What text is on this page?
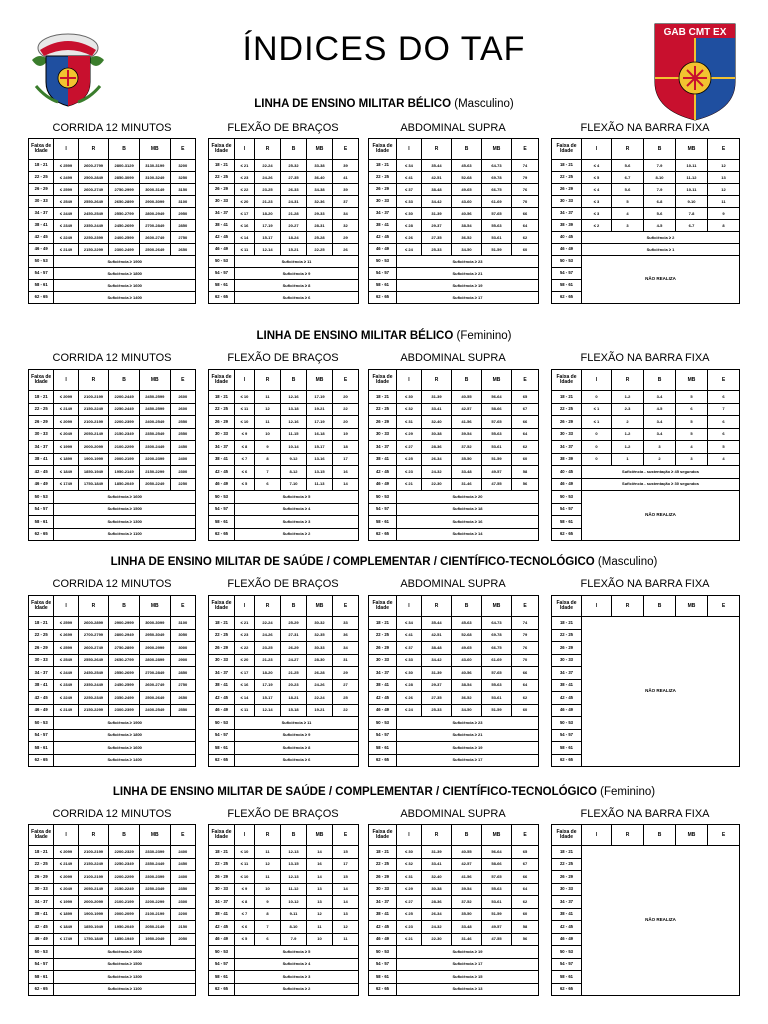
GAB CMT EX
ÍNDICES DO TAF
LINHA DE ENSINO MILITAR BÉLICO (Masculino)
CORRIDA 12 MINUTOS
Faixa de Idade	I	R	B	MB	E
18 - 21	≤ 2599	2600-2799	2800-3129	3130-3199	3200
22 - 25	≤ 2499	2500-2849	2850-3099	3100-3249	3250
26 - 29	≤ 2599	2600-2749	2750-2999	3000-3149	3150
30 - 33	≤ 2549	2550-2649	2650-2899	2900-3099	3100
34 - 37	≤ 2449	2450-2549	2550-2799	2800-2949	2950
38 - 41	≤ 2349	2350-2449	2450-2699	2700-2849	2850
42 - 45	≤ 2249	2250-2399	2400-2599	2600-2749	2750
46 - 49	≤ 2149	2150-2299	2300-2499	2500-2649	2650
50 - 53	Suficiência ≥ 1900				
54 - 57	Suficiência ≥ 1800				
58 - 61	Suficiência ≥ 1600				
62 - 65	Suficiência ≥ 1400				
FLEXÃO DE BRAÇOS
Faixa de Idade	I	R	B	MB	E
18 - 21	≤ 21	22-24	25-32	33-38	39
22 - 25	≤ 23	24-26	27-35	36-40	41
26 - 29	≤ 22	23-25	26-33	34-38	39
30 - 33	≤ 20	21-23	24-31	32-36	37
34 - 37	≤ 17	18-20	21-28	29-33	34
38 - 41	≤ 16	17-19	20-27	28-31	32
42 - 45	≤ 14	15-17	18-24	25-28	29
46 - 49	≤ 11	12-14	15-21	22-25	26
50 - 53	Suficiência ≥ 11				
54 - 57	Suficiência ≥ 9				
58 - 61	Suficiência ≥ 8				
62 - 65	Suficiência ≥ 6				
ABDOMINAL SUPRA
Faixa de Idade	I	R	B	MB	E
18 - 21	≤ 34	35-44	45-63	64-73	74
22 - 25	≤ 41	42-51	52-68	69-78	79
26 - 29	≤ 37	38-48	49-65	66-75	76
30 - 33	≤ 33	34-42	43-60	61-69	70
34 - 37	≤ 30	31-39	40-56	57-65	66
38 - 41	≤ 28	29-37	38-54	55-63	64
42 - 45	≤ 26	27-35	36-52	53-61	62
46 - 49	≤ 24	25-33	34-50	51-59	60
50 - 53	Suficiência ≥ 23				
54 - 57	Suficiência ≥ 21				
58 - 61	Suficiência ≥ 19				
62 - 65	Suficiência ≥ 17				
FLEXÃO NA BARRA FIXA
Faixa de Idade	I	R	B	MB	E
18 - 21	≤ 4	5-6	7-9	10-11	12
22 - 25	≤ 5	6-7	8-10	11-12	13
26 - 29	≤ 4	5-6	7-9	10-11	12
30 - 33	≤ 3	5	6-8	9-10	11
34 - 37	≤ 3	4	5-6	7-8	9
38 - 39	≤ 2	3	4-5	6-7	8
40 - 45	Suficiência ≥ 2				
46 - 49	Suficiência ≥ 1				
50 - 53	NÃO REALIZA				
54 - 57					
58 - 61					
62 - 65					
LINHA DE ENSINO MILITAR BÉLICO (Feminino)
CORRIDA 12 MINUTOS
Faixa de Idade	I	R	B	MB	E
18 - 21	≤ 2099	2100-2199	2200-2449	2450-2599	2600
22 - 25	≤ 2149	2150-2249	2250-2449	2450-2599	2600
26 - 29	≤ 2099	2100-2199	2200-2399	2400-2549	2550
30 - 33	≤ 2049	2050-2149	2150-2349	2350-2549	2550
34 - 37	≤ 1999	2000-2099	2100-2299	2300-2449	2450
38 - 41	≤ 1899	1900-1999	2000-2199	2200-2399	2400
42 - 45	≤ 1849	1850-1949	1950-2149	2150-2299	2300
46 - 49	≤ 1749	1750-1849	1850-2049	2050-2249	2250
50 - 53	Suficiência ≥ 1600				
54 - 57	Suficiência ≥ 1500				
58 - 61	Suficiência ≥ 1300				
62 - 65	Suficiência ≥ 1100				
FLEXÃO DE BRAÇOS
Faixa de Idade	I	R	B	MB	E
18 - 21	≤ 10	11	12-16	17-19	20
22 - 25	≤ 11	12	13-18	19-21	22
26 - 29	≤ 10	11	12-16	17-19	20
30 - 33	≤ 9	10	11-15	16-18	19
34 - 37	≤ 8	9	10-14	15-17	18
38 - 41	≤ 7	8	9-12	13-16	17
42 - 45	≤ 6	7	8-12	13-15	16
46 - 49	≤ 5	6	7-10	11-13	14
50 - 53	Suficiência ≥ 5				
54 - 57	Suficiência ≥ 4				
58 - 61	Suficiência ≥ 3				
62 - 65	Suficiência ≥ 2				
ABDOMINAL SUPRA
Faixa de Idade	I	R	B	MB	E
18 - 21	≤ 30	31-39	40-55	56-64	65
22 - 25	≤ 32	33-41	42-57	58-66	67
26 - 29	≤ 31	32-40	41-56	57-65	66
30 - 33	≤ 29	30-38	39-54	55-63	64
34 - 37	≤ 27	28-36	37-52	53-61	62
38 - 41	≤ 25	26-34	35-50	51-59	60
42 - 45	≤ 23	24-32	33-48	49-57	58
46 - 49	≤ 21	22-30	31-46	47-55	56
50 - 53	Suficiência ≥ 20				
54 - 57	Suficiência ≥ 18				
58 - 61	Suficiência ≥ 16				
62 - 65	Suficiência ≥ 14				
FLEXÃO NA BARRA FIXA
Faixa de Idade	I	R	B	MB	E
18 - 21	0	1-2	3-4	5	6
22 - 25	≤ 1	2-3	4-5	6	7
26 - 29	≤ 1	2	3-4	5	6
30 - 33	0	1-2	3-4	5	6
34 - 37	0	1-2	3	4	5
38 - 39	0	1	2	3	4
40 - 45	Suficiência - sustentação ≥ 45 segundos				
46 - 49	Suficiência - sustentação ≥ 30 segundos				
50 - 53	NÃO REALIZA				
54 - 57					
58 - 61					
62 - 65					
LINHA DE ENSINO MILITAR DE SAÚDE / COMPLEMENTAR / CIENTÍFICO-TECNOLÓGICO (Masculino)
CORRIDA 12 MINUTOS
Faixa de Idade	I	R	B	MB	E
18 - 21	≤ 2599	2600-2899	2900-2999	3000-3099	3100
22 - 25	≤ 2699	2700-2799	2800-2949	2950-3049	3050
26 - 29	≤ 2599	2600-2749	2750-2899	2900-2999	3000
30 - 33	≤ 2549	2550-2649	2650-2799	2800-2899	2900
34 - 37	≤ 2449	2450-2549	2550-2699	2700-2849	2850
38 - 41	≤ 2349	2350-2449	2450-2599	2600-2749	2750
42 - 45	≤ 2249	2250-2349	2350-2499	2500-2649	2650
46 - 49	≤ 2149	2150-2299	2300-2399	2400-2549	2550
50 - 53	Suficiência ≥ 1900				
54 - 57	Suficiência ≥ 1800				
58 - 61	Suficiência ≥ 1600				
62 - 65	Suficiência ≥ 1400				
FLEXÃO DE BRAÇOS
Faixa de Idade	I	R	B	MB	E
18 - 21	≤ 21	22-24	25-29	30-32	33
22 - 25	≤ 23	24-26	27-31	32-35	36
26 - 29	≤ 22	23-25	26-29	30-33	34
30 - 33	≤ 20	21-23	24-27	28-30	31
34 - 37	≤ 17	18-20	21-25	26-28	29
38 - 41	≤ 16	17-19	20-23	24-26	27
42 - 45	≤ 14	15-17	18-21	22-24	25
46 - 49	≤ 11	12-14	15-18	19-21	22
50 - 53	Suficiência ≥ 11				
54 - 57	Suficiência ≥ 9				
58 - 61	Suficiência ≥ 8				
62 - 65	Suficiência ≥ 6				
ABDOMINAL SUPRA
Faixa de Idade	I	R	B	MB	E
18 - 21	≤ 34	35-44	45-63	64-73	74
22 - 25	≤ 41	42-51	52-68	69-78	79
26 - 29	≤ 37	38-48	49-65	66-75	76
30 - 33	≤ 33	34-42	43-60	61-69	70
34 - 37	≤ 30	31-39	40-56	57-65	66
38 - 41	≤ 28	29-37	38-54	55-63	64
42 - 45	≤ 26	27-35	36-52	53-61	62
46 - 49	≤ 24	25-33	34-50	51-59	60
50 - 53	Suficiência ≥ 23				
54 - 57	Suficiência ≥ 21				
58 - 61	Suficiência ≥ 19				
62 - 65	Suficiência ≥ 17				
FLEXÃO NA BARRA FIXA
Faixa de Idade	I	R	B	MB	E
18 - 21	NÃO REALIZA				
22 - 25					
26 - 29					
30 - 33					
34 - 37					
38 - 41					
42 - 45					
46 - 49					
50 - 53					
54 - 57					
58 - 61					
62 - 65					
LINHA DE ENSINO MILITAR DE SAÚDE / COMPLEMENTAR / CIENTÍFICO-TECNOLÓGICO (Feminino)
CORRIDA 12 MINUTOS
Faixa de Idade	I	R	B	MB	E
18 - 21	≤ 2099	2100-2199	2200-2329	2330-2399	2400
22 - 25	≤ 2149	2150-2249	2250-2349	2350-2449	2450
26 - 29	≤ 2099	2100-2199	2200-2299	2300-2399	2400
30 - 33	≤ 2049	2050-2149	2150-2249	2250-2349	2350
34 - 37	≤ 1999	2000-2099	2100-2199	2200-2299	2300
38 - 41	≤ 1899	1900-1999	2000-2099	2100-2199	2200
42 - 45	≤ 1849	1850-1949	1950-2049	2050-2149	2150
46 - 49	≤ 1749	1750-1849	1850-1949	1950-2049	2050
50 - 53	Suficiência ≥ 1600				
54 - 57	Suficiência ≥ 1500				
58 - 61	Suficiência ≥ 1300				
62 - 65	Suficiência ≥ 1100				
FLEXÃO DE BRAÇOS
Faixa de Idade	I	R	B	MB	E
18 - 21	≤ 10	11	12-13	14	15
22 - 25	≤ 11	12	13-15	16	17
26 - 29	≤ 10	11	12-13	14	15
30 - 33	≤ 9	10	11-12	13	14
34 - 37	≤ 8	9	10-12	13	14
38 - 41	≤ 7	8	9-11	12	13
42 - 45	≤ 6	7	8-10	11	12
46 - 49	≤ 5	6	7-9	10	11
50 - 53	Suficiência ≥ 5				
54 - 57	Suficiência ≥ 4				
58 - 61	Suficiência ≥ 3				
62 - 65	Suficiência ≥ 2				
ABDOMINAL SUPRA
Faixa de Idade	I	R	B	MB	E
18 - 21	≤ 30	31-39	40-55	56-64	65
22 - 25	≤ 32	33-41	42-57	58-66	67
26 - 29	≤ 31	32-40	41-56	57-65	66
30 - 33	≤ 29	30-38	39-54	55-63	64
34 - 37	≤ 27	28-36	37-52	53-61	62
38 - 41	≤ 25	26-34	35-50	51-59	60
42 - 45	≤ 23	24-32	33-48	49-57	58
46 - 49	≤ 21	22-30	31-46	47-55	56
50 - 53	Suficiência ≥ 19				
54 - 57	Suficiência ≥ 17				
58 - 61	Suficiência ≥ 15				
62 - 65	Suficiência ≥ 13				
FLEXÃO NA BARRA FIXA
Faixa de Idade	I	R	B	MB	E
18 - 21	NÃO REALIZA				
22 - 25					
26 - 29					
30 - 33					
34 - 37					
38 - 41					
42 - 45					
46 - 49					
50 - 53					
54 - 57					
58 - 61					
62 - 65					
